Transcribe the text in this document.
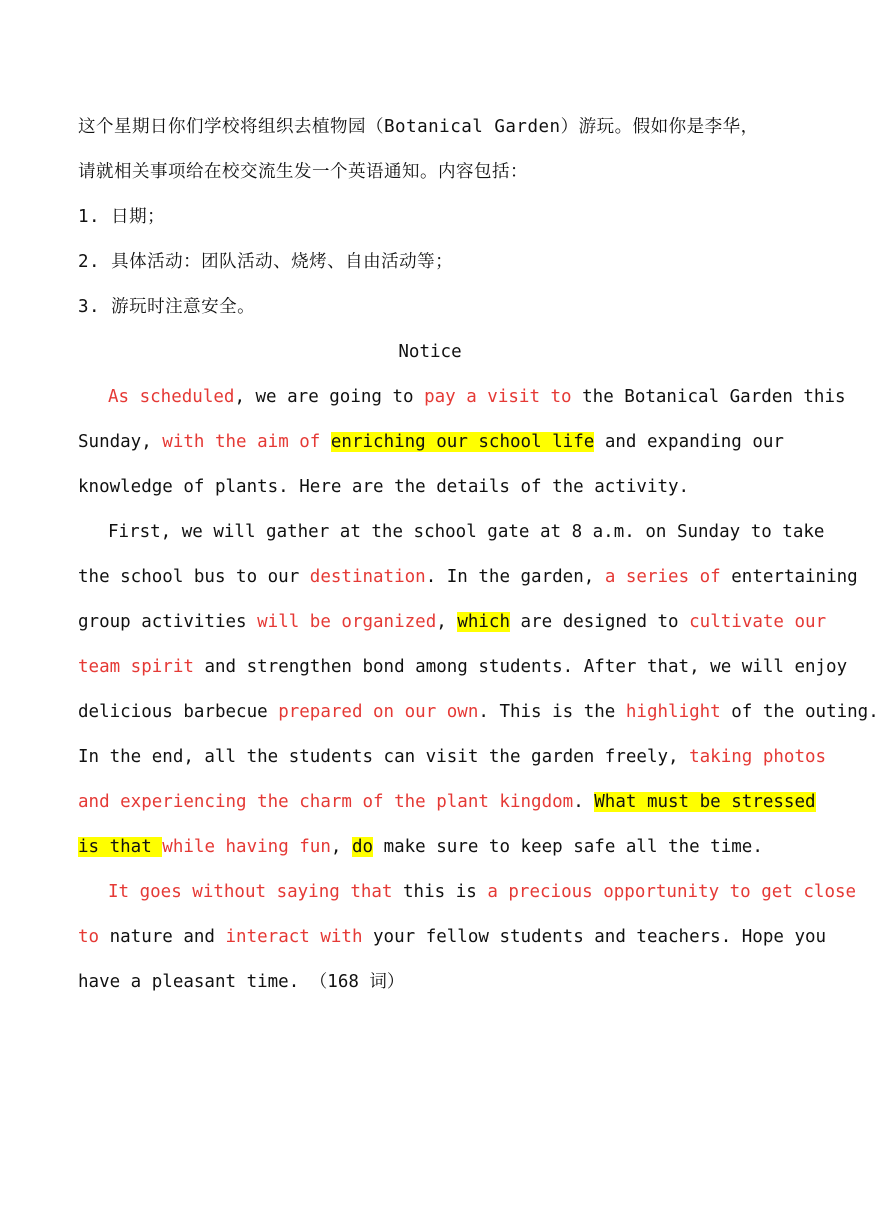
这个星期日你们学校将组织去植物园（Botanical Garden）游玩。假如你是李华，
请就相关事项给在校交流生发一个英语通知。内容包括：
1. 日期；
2. 具体活动：团队活动、烧烤、自由活动等；
3. 游玩时注意安全。
Notice
As scheduled, we are going to pay a visit to the Botanical Garden this
Sunday, with the aim of enriching our school life and expanding our
knowledge of plants. Here are the details of the activity.
First, we will gather at the school gate at 8 a.m. on Sunday to take
the school bus to our destination. In the garden, a series of entertaining
group activities will be organized, which are designed to cultivate our
team spirit and strengthen bond among students. After that, we will enjoy
delicious barbecue prepared on our own. This is the highlight of the outing.
In the end, all the students can visit the garden freely, taking photos
and experiencing the charm of the plant kingdom. What must be stressed
is that while having fun, do make sure to keep safe all the time.
It goes without saying that this is a precious opportunity to get close
to nature and interact with your fellow students and teachers. Hope you
have a pleasant time. （168 词）
